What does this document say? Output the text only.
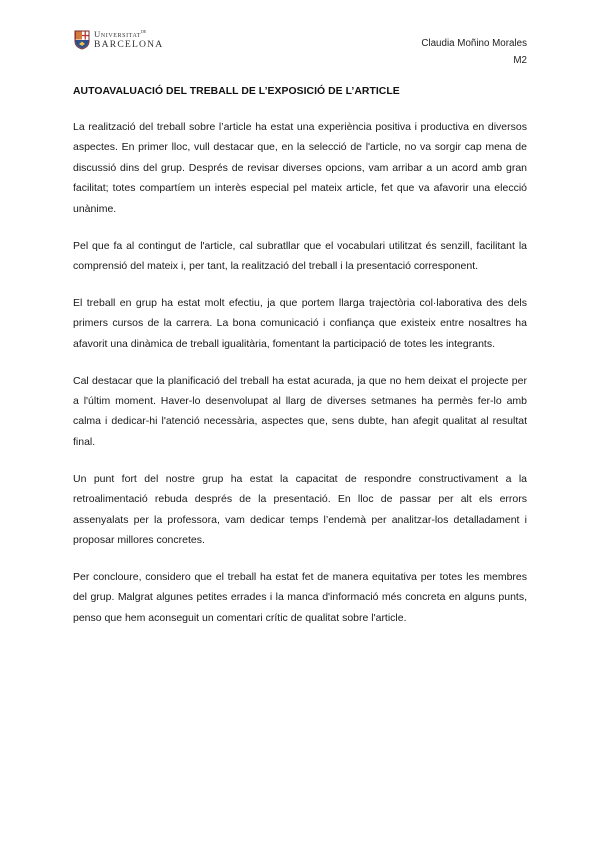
Universitat$^{de}$
BARCELONA	Claudia Moñino Morales
M2
AUTOAVALUACIÓ DEL TREBALL DE L’EXPOSICIÓ DE L’ARTICLE

La realització del treball sobre l’article ha estat una experiència positiva i productiva en diversos aspectes. En primer lloc, vull destacar que, en la selecció de l'article, no va sorgir cap mena de discussió dins del grup. Després de revisar diverses opcions, vam arribar a un acord amb gran facilitat; totes compartíem un interès especial pel mateix article, fet que va afavorir una elecció unànime.

Pel que fa al contingut de l'article, cal subratllar que el vocabulari utilitzat és senzill, facilitant la comprensió del mateix i, per tant, la realització del treball i la presentació corresponent.

El treball en grup ha estat molt efectiu, ja que portem llarga trajectòria col·laborativa des dels primers cursos de la carrera. La bona comunicació i confiança que existeix entre nosaltres ha afavorit una dinàmica de treball igualitària, fomentant la participació de totes les integrants.

Cal destacar que la planificació del treball ha estat acurada, ja que no hem deixat el projecte per a l'últim moment. Haver-lo desenvolupat al llarg de diverses setmanes ha permès fer-lo amb calma i dedicar-hi l'atenció necessària, aspectes que, sens dubte, han afegit qualitat al resultat final.

Un punt fort del nostre grup ha estat la capacitat de respondre constructivament a la retroalimentació rebuda després de la presentació. En lloc de passar per alt els errors assenyalats per la professora, vam dedicar temps l’endemà per analitzar-los detalladament i proposar millores concretes.

Per concloure, considero que el treball ha estat fet de manera equitativa per totes les membres del grup. Malgrat algunes petites errades i la manca d'informació més concreta en alguns punts, penso que hem aconseguit un comentari crític de qualitat sobre l'article.
